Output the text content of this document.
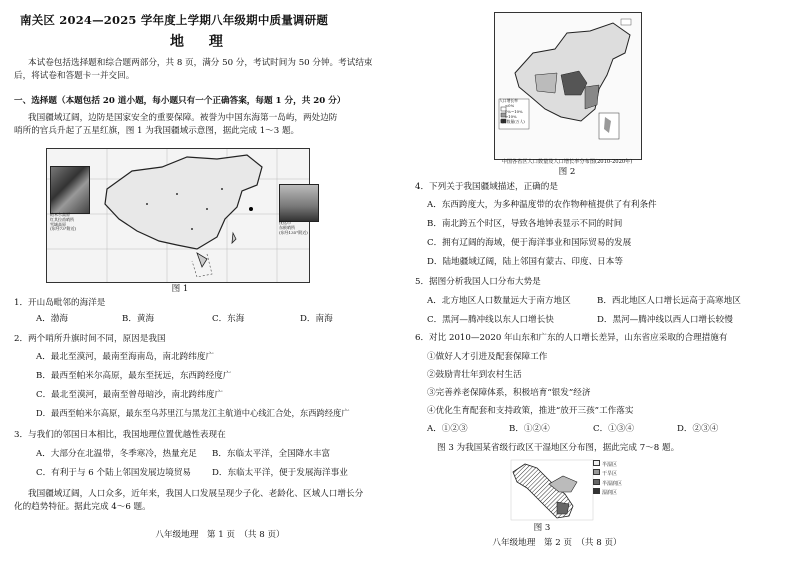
南关区 2024—2025 学年度上学期八年级期中质量调研题
地 理
本试卷包括选择题和综合题两部分，共 8 页，满分 50 分，考试时间为 50 分钟。考试结束
后，将试卷和答题卡一并交回。
一、选择题（本题包括 20 道小题，每小题只有一个正确答案，每题 1 分，共 20 分）
我国疆域辽阔，边防是国家安全的重要保障。被誉为中国东海第一岛屿，两处边防
哨所的官兵升起了五星红旗，图 1 为我国疆域示意图，据此完成 1～3 题。
帕米尔高原
红其拉甫哨所
雪域高原
(东经73°附近)
抚远市
东极哨所
(东经135°附近)
图 1
1．开山岛毗邻的海洋是
A．渤海	B．黄海	C．东海	D．南海
2．两个哨所升旗时间不同，原因是我国
A．最北至漠河，最南至海南岛，南北跨纬度广
B．最西至帕米尔高原，最东至抚远，东西跨经度广
C．最北至漠河，最南至曾母暗沙，南北跨纬度广
D．最西至帕米尔高原，最东至乌苏里江与黑龙江主航道中心线汇合处，东西跨经度广
3．与我们的邻国日本相比，我国地理位置优越性表现在
A．大部分在北温带，冬季寒冷，热量充足 B．东临太平洋，全国降水丰富
C．有利于与 6 个陆上邻国发展边境贸易 D．东临太平洋，便于发展海洋事业
我国疆域辽阔，人口众多，近年来，我国人口发展呈现少子化、老龄化、区域人口增长分
化的趋势特征。据此完成 4～6 题。
八年级地理　第 1 页　（共 8 页）
人口增长率
<0%
0%~10%
>10%
人口数量(万人)
中国各省区人口数量及人口增长率分布图(2010-2020年)
图 2
4．下列关于我国疆域描述，正确的是
A．东西跨度大，为多种温度带的农作物种植提供了有利条件
B．南北跨五个时区，导致各地钟表显示不同的时间
C．拥有辽阔的海域，便于海洋事业和国际贸易的发展
D．陆地疆域辽阔，陆上邻国有蒙古、印度、日本等
5．据图分析我国人口分布大势是
A．北方地区人口数量远大于南方地区	B．西北地区人口增长远高于高寒地区
C．黑河—腾冲线以东人口增长快	D．黑河—腾冲线以西人口增长较慢
6．对比 2010—2020 年山东和广东的人口增长差异，山东省应采取的合理措施有
①做好人才引进及配套保障工作
②鼓励青壮年到农村生活
③完善养老保障体系，积极培育“银发”经济
④优化生育配套和支持政策，推进“放开三孩”工作落实
A．①②③	B．①②④	C．①③④	D．②③④
图 3 为我国某省级行政区干湿地区分布图，据此完成 7～8 题。
半湿区
干旱区
半湿润区
湿润区
图 3
八年级地理　第 2 页　（共 8 页）
